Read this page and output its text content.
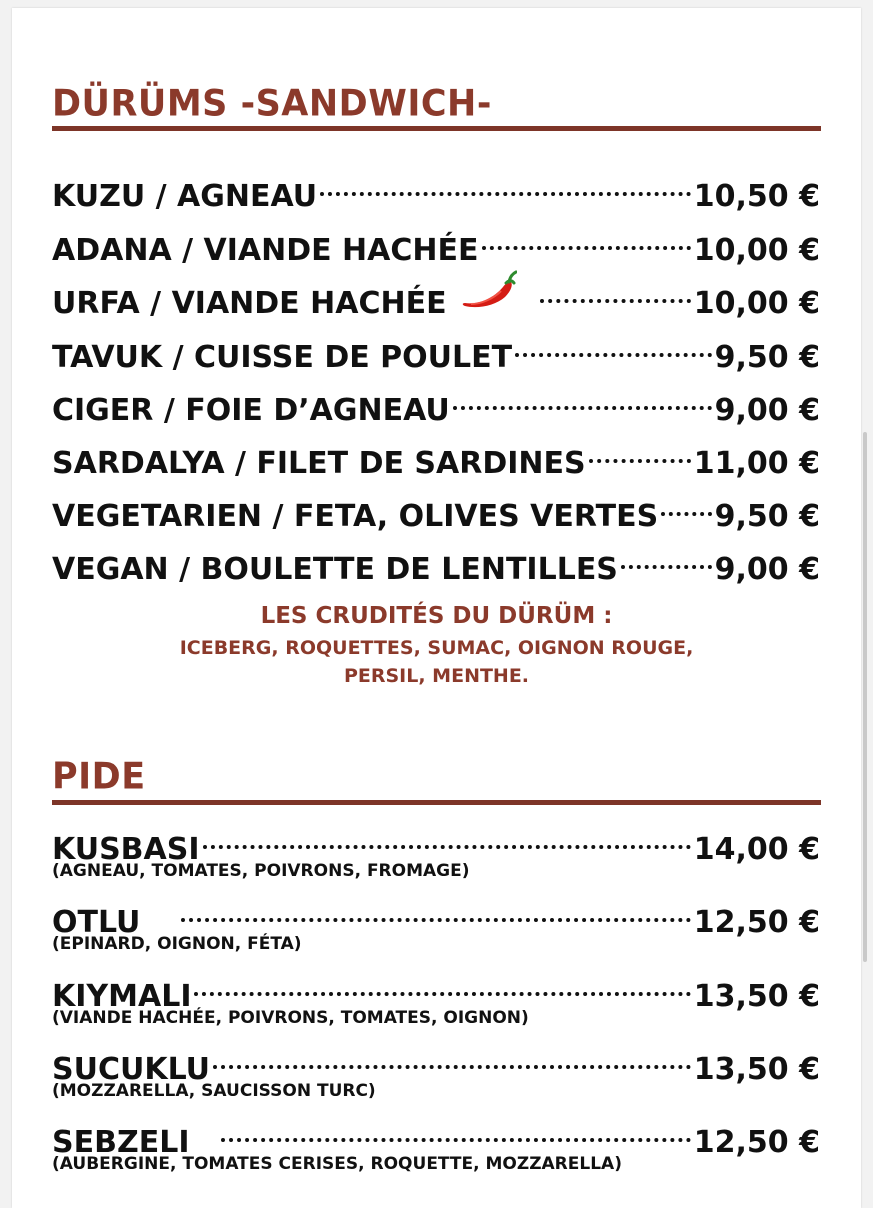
DÜRÜMS -SANDWICH-
KUZU / AGNEAU	10,50 €
ADANA / VIANDE HACHÉE	10,00 €
URFA / VIANDE HACHÉE	10,00 €
TAVUK / CUISSE DE POULET	9,50 €
CIGER / FOIE D’AGNEAU	9,00 €
SARDALYA / FILET DE SARDINES	11,00 €
VEGETARIEN / FETA, OLIVES VERTES 9,50 €
VEGAN / BOULETTE DE LENTILLES	9,00 €
LES CRUDITÉS DU DÜRÜM :
ICEBERG, ROQUETTES, SUMAC, OIGNON ROUGE,
PERSIL, MENTHE.
PIDE
KUSBASI	14,00 €
(AGNEAU, TOMATES, POIVRONS, FROMAGE)
OTLU	12,50 €
(EPINARD, OIGNON, FÉTA)
KIYMALI	13,50 €
(VIANDE HACHÉE, POIVRONS, TOMATES, OIGNON)
SUCUKLU	13,50 €
(MOZZARELLA, SAUCISSON TURC)
SEBZELI	12,50 €
(AUBERGINE, TOMATES CERISES, ROQUETTE, MOZZARELLA)
